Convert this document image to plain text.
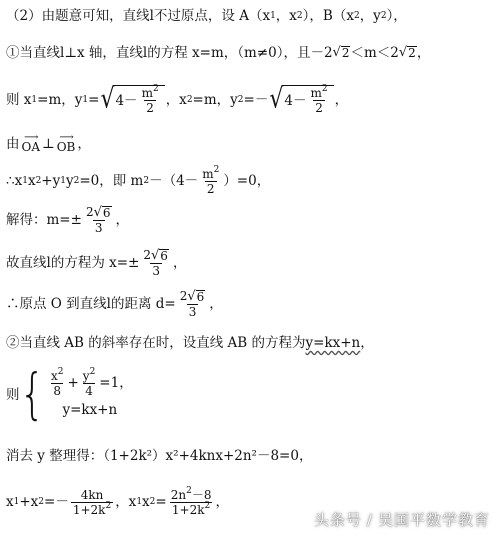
（2）由题意可知，直线l不过原点，设 A（x 1 ，x 2 ），B（x 2 ，y 2 ），
①当直线l⊥x 轴，直线l的方程 x=m，（m≠0），且－2 √ 2 ＜m＜2 √ 2 ，
则 x 1 =m，y 1 = √ $4- \frac{m^2}{2}$ ，x 2 =m，y 2 =－ √ $4- \frac{m^2}{2}$ ，
由 ⟶
OA ⊥ ⟶
OB ，
∴x 1 x 2 +y 1 y 2 =0，即 m $2 -(4- \frac{m^2}{2} )=0$，
解得：$m=\pm \frac{2 √ 6}{3}$ ，
故直线l的方程为 $x=\pm \frac{2 √ 6}{3}$ ，
∴原点 O 到直线l的距离 $d= \frac{2 √ 6}{3}$ ，
②当直线 AB 的斜率存在时，设直线 AB 的方程为 y=kx+n ，
则 { $\frac{x^2}{8} + \frac{y^2}{4} =1$，
y=kx+n
消去 y 整理得：（1+2k²）x²+4knx+2n²－8=0，
x 1 +x $2 =- \frac{4kn}{1+2k^2}$ ，x 1 x $2 = \frac{2n^2-8}{1+2k^2}$ ，
头条号 / 吴国平数学教育
